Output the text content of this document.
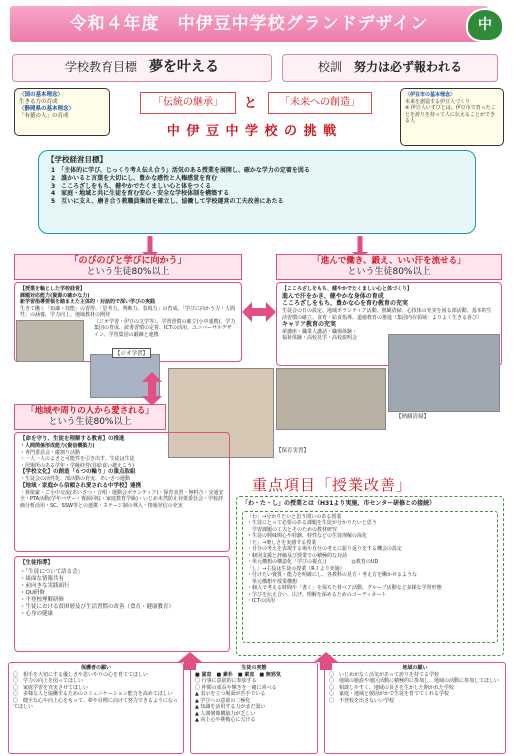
令和４年度　中伊豆中学校グランドデザイン	中
学校教育目標　 夢を叶える	校訓　 努力は必ず報われる
〈国の基本理念〉
生きる力の育成
〈静岡県の基本理念〉
「有徳の人」の育成
「伝統の継承」	と	「未来への創造」
中 伊 豆 中 学 校 の 挑 戦
〈伊豆市の基本理念〉
未来を創造する伊豆人づくり
※ 伊豆人いずびとは、伊豆市で育ったことを誇りを持って人に伝えることができる人
【学校経営目標】
1　「主体的に学び、じっくり考え伝え合う」活気のある授業を展開し、確かな学力の定着を図る
2　誰かいると言葉を大切にし、豊かな感性と人権感覚を育む
3　こころざしをもち、健やかでたくましい心と体をつくる
4　家庭・地域と共に生徒を育む安心・安全な学校体制を構築する
5　互いに支え、磨き合う教職員集団を確立し、協働して学校運営の工夫改善にあたる
「のびのびと学びに向かう」
という生徒80%以上
【授業を軸とした学校経営】
課題対応能力(資源の確かな力)
新学習指導要領を踏まえた主体的・対話的で深い学びの実践
生きて働く「知識・技能」の習得、「思考力、判断力、表現力」の育成、「学びに向かう力・人間性」の涵養、学力向上、地域教材の開発
（ジオ学習・伊豆の文学等）、学習習慣の確立(小中連携)、学力集団の育成、読書習慣の定着、ICTの活用、ユニバーサルデザイン、学習集団の鍛錬と連携
【ジオ学習】
「進んで働き、鍛え、いい汗を流せる」
という生徒80%以上
【こころざしをもち、健やかでたくましい心と体づくり】
進んで汗をかき、健やかな身体の育成
こころざしをもち、豊かな心を育む教育の充実
生徒会の日の設定、地域ボランティア活動、熱観清掃、心技体の充実を図る部活動、基本的生活習慣の確立、食育・給食指導、道徳教育の推進（集団内存領域：よりよく生きる喜び）
キャリア教育の充実
夢講座・職業人講話・職場体験・
福祉体験・高校見学・高校説明会
【熱観清掃】
【保育実習】
「地域や周りの人から愛される」
という生徒80%以上
【命を守り、生徒を理解する教育】の推進
・人間関係形成能力(資信構築力)
・専門委員会・縦割り活動
・一人一人のよさと可能性を引き出す。生徒は生徒
・居場所のある学年・学級経営(昼給食い越えこう)
【学校文化】の創造「６つの輪り」の重点取組
・生徒会の活性化、部活動の充実、あいさつ運動
【地域・家庭から信頼され愛される中学校】連携
・狭依豪・ご小中交流(あいさつ・合唱・運動会ボランティア)・保育実習・無料合・交通安全・PTA活動(学年バザー・資源回収・家庭教育学級)・いじめ未然防止対策委員会・学校評価分析活用・SC、SSW等との連携・ステージ制の導入・情報発信の充実
【生徒指導】
・「生徒について語る会」
・組面な情報共有
・前向きな実践面行
・QU研修
・不登校理解研修
・生徒における貧困層及び生活習慣の改善（食育・健康教育）
・心身の健康
重点項目「授業改善」
「わ・た・し」の授業とは（H31より実施、市センター研修との接続）
「わ」→分かりたいと思う問いのある授業
・生徒にとって必要のある課題を生徒が分かりたいと思う
　学習課題の工夫とそのための教材研究
・生徒の興味関心や経験、特性などの生徒理解の深化
「た」→楽しさを実感する授業
・自分の考えを表現する場や自分の考えに振り返りをする機会の設定
・個別支援と評価及び授業での積極的な対話
・単元構想の構造化「学びの視点」)　　　　　◎教育のUD
「し」→主役は生徒の授業（R１より実施）
・付けたい資質・能力を明確にし、各教科の見方・考え方を働かせるような
　単元構想や授業構想
・個人で考える時間や「書く」を保ちた材ペア活動、グループ活動など多様な学習形態
・学びを伝え合い、広げ、理解を深めるためのコーディネート
・ICTの活用
保護者の願い
〇　相手を大切にする優しさや思いやりの心を育ててほしい
〇　学力の向上を図ってほしい
〇　家庭学習を充実させてほしい
〇　多様な人と協働するためのコミュニケーション能力を高めてほしい
〇　健全な心や向上心をもって、夢や目標に向けて努力できるようになってほしい
生徒の実態
■ 富直　■ 素朴　■ 素直　■ 無邪気
〇 行事に意欲的に参加する
〇 仲間の成長や輝きを一緒に喜べる
▲ 表示を立つ場面が苦手でいる
▲ 学びへの意欲の二極化
▲ 知識を活用する力がまだ弱い
▲ 人間関係構築力が乏しい
▲ 向上心や挑戦心に欠ける
地域の願い
〇　いじめがなく活気があって誇りを持てる学校
〇　地域の施設や地区活動に積極的に参加し、地域の活動に参加してほしい
〇　相談しやすく、地域の良さを生かした開かれた学校
〇　家庭・地域と緩固がかで生徒を育ててくれる学校
〇　不登校を出さないい学校
